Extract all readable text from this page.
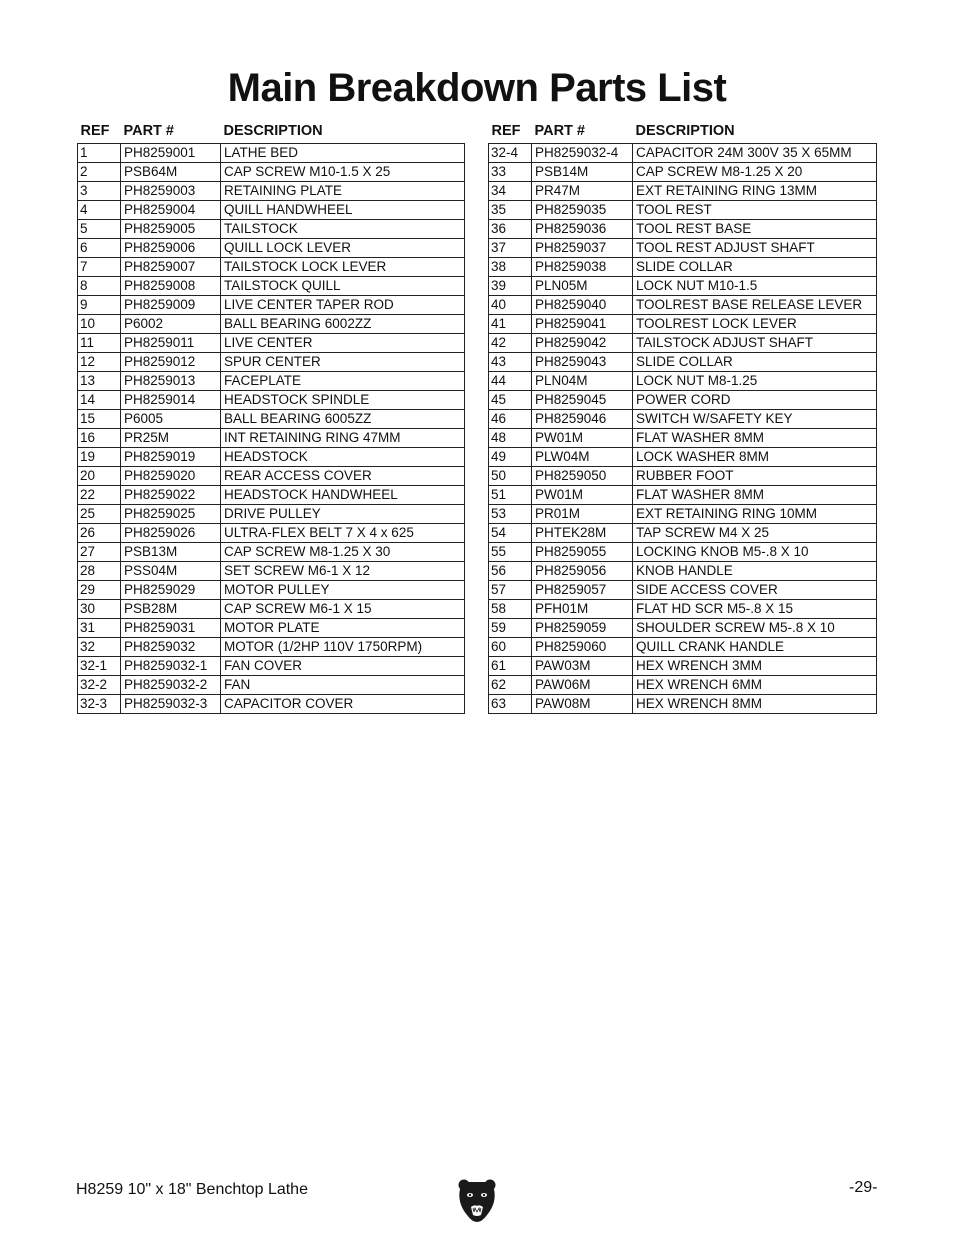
Main Breakdown Parts List
REF	PART #	DESCRIPTION
1	PH8259001	LATHE BED
2	PSB64M	CAP SCREW M10-1.5 X 25
3	PH8259003	RETAINING PLATE
4	PH8259004	QUILL HANDWHEEL
5	PH8259005	TAILSTOCK
6	PH8259006	QUILL LOCK LEVER
7	PH8259007	TAILSTOCK LOCK LEVER
8	PH8259008	TAILSTOCK QUILL
9	PH8259009	LIVE CENTER TAPER ROD
10	P6002	BALL BEARING 6002ZZ
11	PH8259011	LIVE CENTER
12	PH8259012	SPUR CENTER
13	PH8259013	FACEPLATE
14	PH8259014	HEADSTOCK SPINDLE
15	P6005	BALL BEARING 6005ZZ
16	PR25M	INT RETAINING RING 47MM
19	PH8259019	HEADSTOCK
20	PH8259020	REAR ACCESS COVER
22	PH8259022	HEADSTOCK HANDWHEEL
25	PH8259025	DRIVE PULLEY
26	PH8259026	ULTRA-FLEX BELT 7 X 4 x 625
27	PSB13M	CAP SCREW M8-1.25 X 30
28	PSS04M	SET SCREW M6-1 X 12
29	PH8259029	MOTOR PULLEY
30	PSB28M	CAP SCREW M6-1 X 15
31	PH8259031	MOTOR PLATE
32	PH8259032	MOTOR (1/2HP 110V 1750RPM)
32-1	PH8259032-1	FAN COVER
32-2	PH8259032-2	FAN
32-3	PH8259032-3	CAPACITOR COVER
REF	PART #	DESCRIPTION
32-4	PH8259032-4	CAPACITOR 24M 300V 35 X 65MM
33	PSB14M	CAP SCREW M8-1.25 X 20
34	PR47M	EXT RETAINING RING 13MM
35	PH8259035	TOOL REST
36	PH8259036	TOOL REST BASE
37	PH8259037	TOOL REST ADJUST SHAFT
38	PH8259038	SLIDE COLLAR
39	PLN05M	LOCK NUT M10-1.5
40	PH8259040	TOOLREST BASE RELEASE LEVER
41	PH8259041	TOOLREST LOCK LEVER
42	PH8259042	TAILSTOCK ADJUST SHAFT
43	PH8259043	SLIDE COLLAR
44	PLN04M	LOCK NUT M8-1.25
45	PH8259045	POWER CORD
46	PH8259046	SWITCH W/SAFETY KEY
48	PW01M	FLAT WASHER 8MM
49	PLW04M	LOCK WASHER 8MM
50	PH8259050	RUBBER FOOT
51	PW01M	FLAT WASHER 8MM
53	PR01M	EXT RETAINING RING 10MM
54	PHTEK28M	TAP SCREW M4 X 25
55	PH8259055	LOCKING KNOB M5-.8 X 10
56	PH8259056	KNOB HANDLE
57	PH8259057	SIDE ACCESS COVER
58	PFH01M	FLAT HD SCR M5-.8 X 15
59	PH8259059	SHOULDER SCREW M5-.8 X 10
60	PH8259060	QUILL CRANK HANDLE
61	PAW03M	HEX WRENCH 3MM
62	PAW06M	HEX WRENCH 6MM
63	PAW08M	HEX WRENCH 8MM
H8259 10" x 18" Benchtop Lathe	-29-
